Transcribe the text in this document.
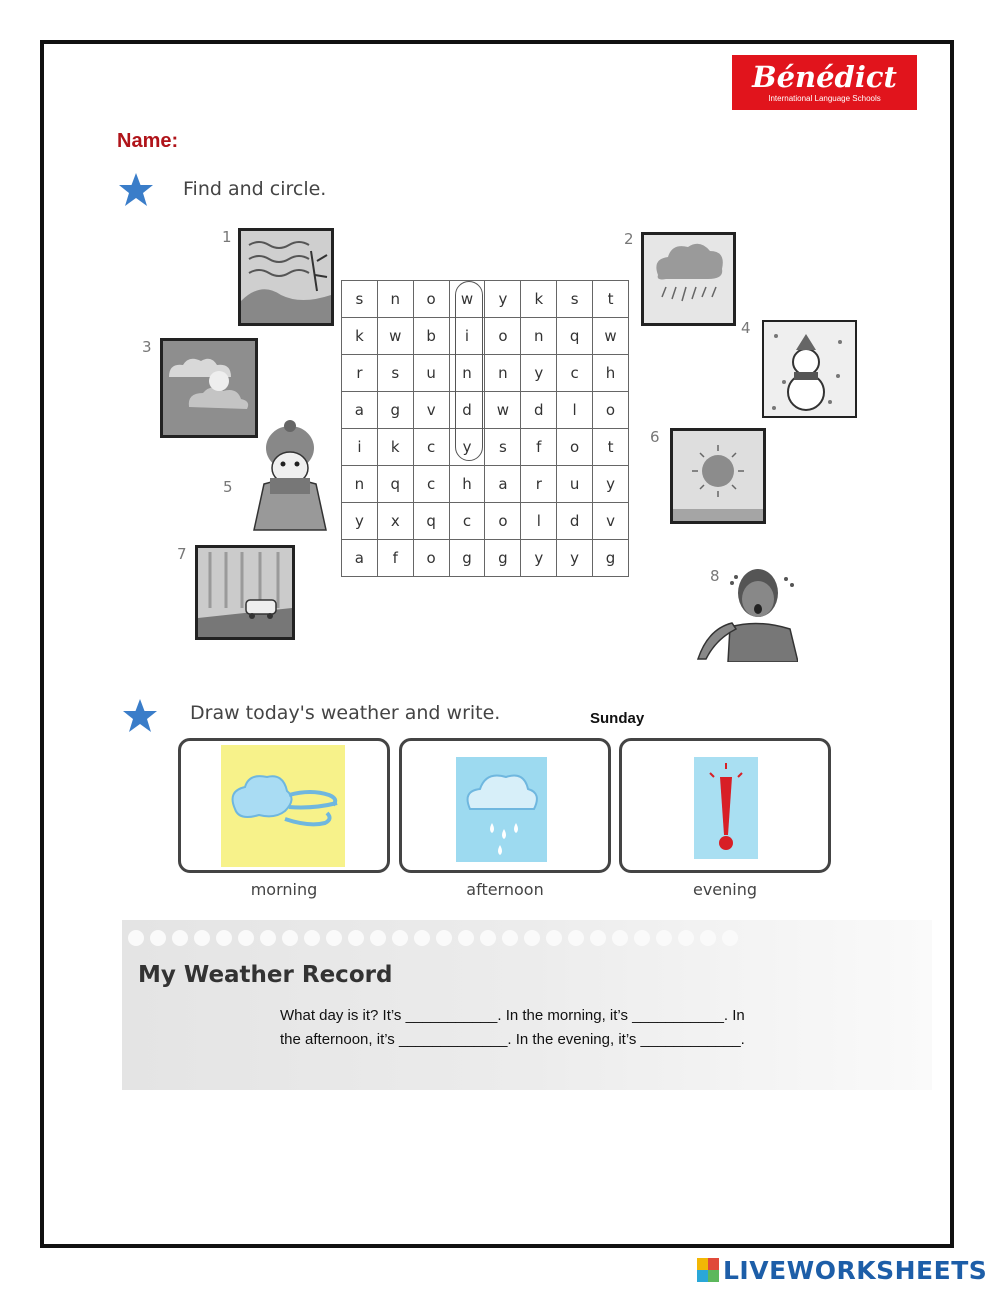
Bénédict
International Language Schools
Name:
Find and circle.
1	2
3
4
5
6
7
8
s	n	o	w	y	k	s	t
k	w	b	i	o	n	q	w
r	s	u	n	n	y	c	h
a	g	v	d	w	d	l	o
i	k	c	y	s	f	o	t
n	q	c	h	a	r	u	y
y	x	q	c	o	l	d	v
a	f	o	g	g	y	y	g
Draw today's weather and write.	Sunday
morning	afternoon	evening
My Weather Record
What day is it? It’s ___________. In the morning, it’s ___________. In
the afternoon, it’s _____________. In the evening, it’s ____________.
LIVEWORKSHEETS
